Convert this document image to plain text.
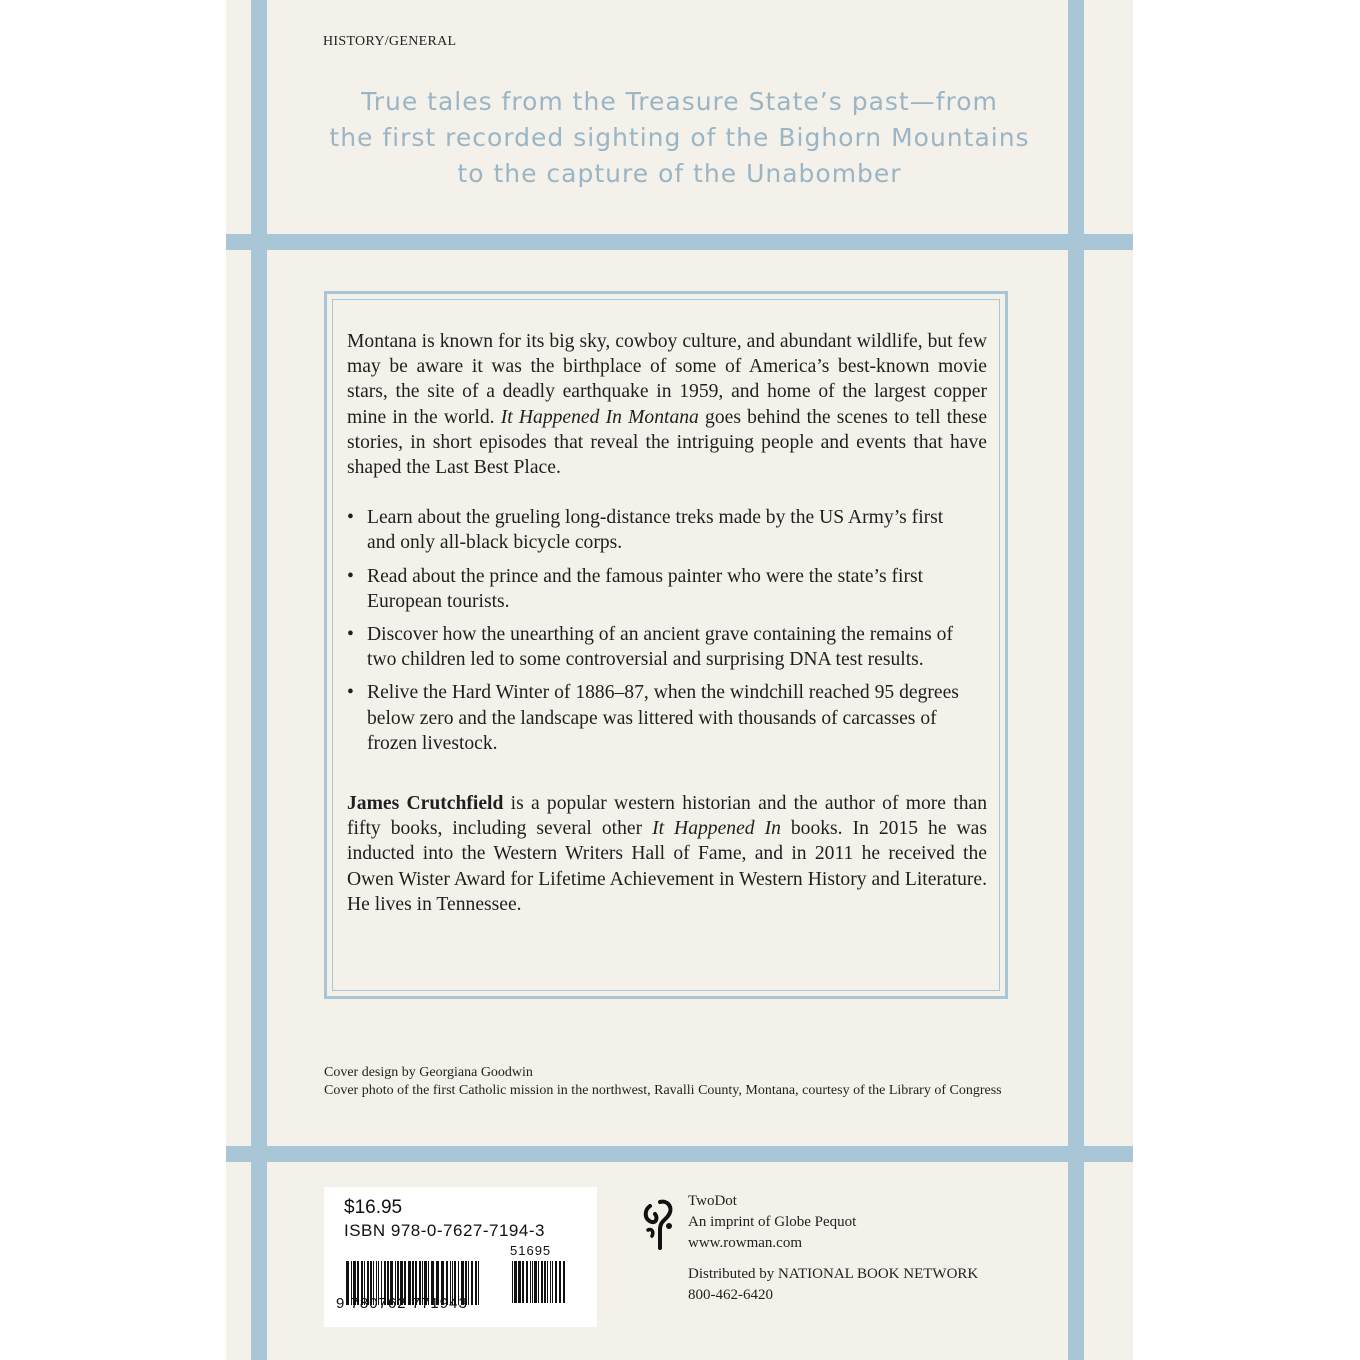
HISTORY/GENERAL
True tales from the Treasure State’s past—from
the first recorded sighting of the Bighorn Mountains
to the capture of the Unabomber

Montana is known for its big sky, cowboy culture, and abundant wildlife, but few may be aware it was the birthplace of some of America’s best-known movie stars, the site of a deadly earthquake in 1959, and home of the largest copper mine in the world. It Happened In Montana goes behind the scenes to tell these stories, in short episodes that reveal the intriguing people and events that have shaped the Last Best Place.

• Learn about the grueling long-distance treks made by the US Army’s first and only all-black bicycle corps.
• Read about the prince and the famous painter who were the state’s first European tourists.
• Discover how the unearthing of an ancient grave containing the remains of two children led to some controversial and surprising DNA test results.
• Relive the Hard Winter of 1886–87, when the windchill reached 95 degrees below zero and the landscape was littered with thousands of carcasses of frozen livestock.

James Crutchfield is a popular western historian and the author of more than fifty books, including several other It Happened In books. In 2015 he was inducted into the Western Writers Hall of Fame, and in 2011 he received the Owen Wister Award for Lifetime Achievement in Western History and Literature. He lives in Tennessee.

Cover design by Georgiana Goodwin
Cover photo of the first Catholic mission in the northwest, Ravalli County, Montana, courtesy of the Library of Congress
$16.95
ISBN 978-0-7627-7194-3
51695
9 780762 771943
TwoDot
An imprint of Globe Pequot
www.rowman.com
Distributed by NATIONAL BOOK NETWORK
800-462-6420
